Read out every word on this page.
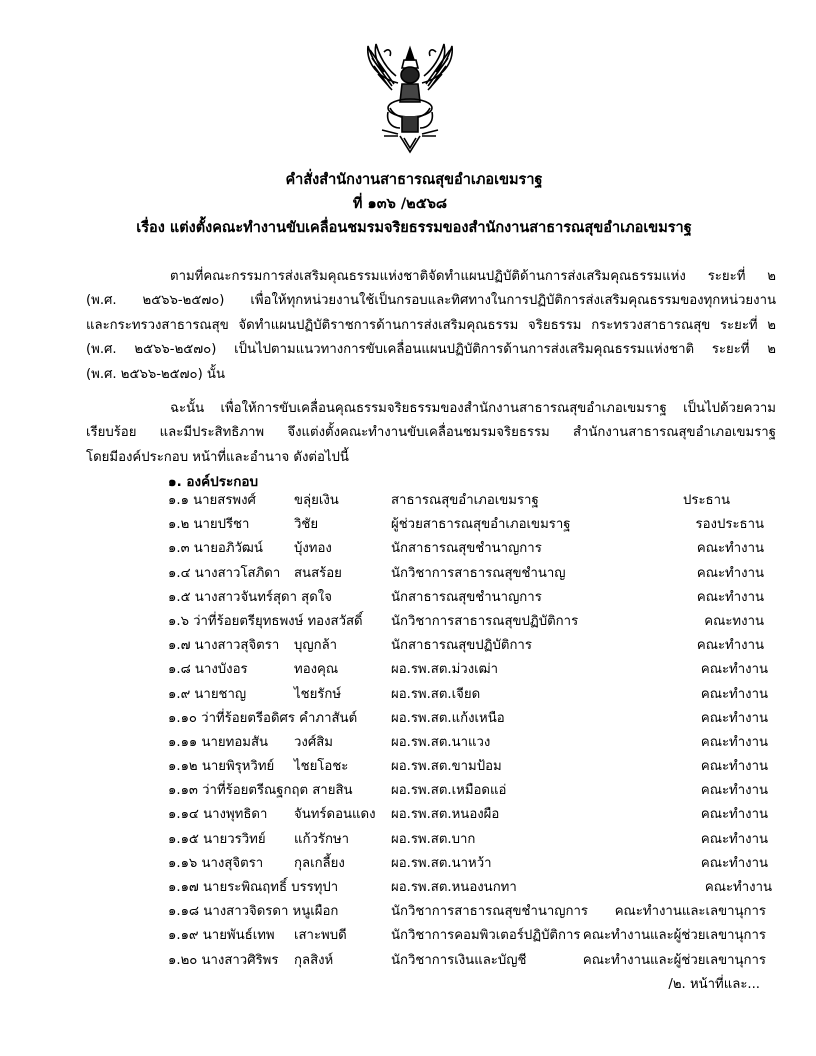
คำสั่งสำนักงานสาธารณสุขอำเภอเขมราฐ
ที่ ๑๓๖ /๒๕๖๘
เรื่อง แต่งตั้งคณะทำงานขับเคลื่อนชมรมจริยธรรมของสำนักงานสาธารณสุขอำเภอเขมราฐ
ตามที่คณะกรรมการส่งเสริมคุณธรรมแห่งชาติจัดทำแผนปฏิบัติด้านการส่งเสริมคุณธรรมแห่ง ระยะที่ ๒
(พ.ศ. ๒๕๖๖-๒๕๗๐) เพื่อให้ทุกหน่วยงานใช้เป็นกรอบและทิศทางในการปฏิบัติการส่งเสริมคุณธรรมของทุกหน่วยงาน
และกระทรวงสาธารณสุข จัดทำแผนปฏิบัติราชการด้านการส่งเสริมคุณธรรม จริยธรรม กระทรวงสาธารณสุข ระยะที่ ๒
(พ.ศ. ๒๕๖๖-๒๕๗๐) เป็นไปตามแนวทางการขับเคลื่อนแผนปฏิบัติการด้านการส่งเสริมคุณธรรมแห่งชาติ ระยะที่ ๒
(พ.ศ. ๒๕๖๖-๒๕๗๐) นั้น
ฉะนั้น เพื่อให้การขับเคลื่อนคุณธรรมจริยธรรมของสำนักงานสาธารณสุขอำเภอเขมราฐ เป็นไปด้วยความ
เรียบร้อย และมีประสิทธิภาพ จึงแต่งตั้งคณะทำงานขับเคลื่อนชมรมจริยธรรม สำนักงานสาธารณสุขอำเภอเขมราฐ
โดยมีองค์ประกอบ หน้าที่และอำนาจ ดังต่อไปนี้
๑. องค์ประกอบ
๑.๑ นายสรพงศ์	ขลุ่ยเงิน	สาธารณสุขอำเภอเขมราฐ	ประธาน
๑.๒ นายปรีชา	วิชัย	ผู้ช่วยสาธารณสุขอำเภอเขมราฐ	รองประธาน
๑.๓ นายอภิวัฒน์ บุ้งทอง	นักสาธารณสุขชำนาญการ	คณะทำงาน
๑.๔ นางสาวโสภิดา สนสร้อย	นักวิชาการสาธารณสุขชำนาญ	คณะทำงาน
๑.๕ นางสาวจันทร์สุดา สุดใจ	นักสาธารณสุขชำนาญการ	คณะทำงาน
๑.๖ ว่าที่ร้อยตรียุทธพงษ์ ทองสวัสดิ์ นักวิชาการสาธารณสุขปฏิบัติการ	คณะทงาน
๑.๗ นางสาวสุจิตรา บุญกล้า	นักสาธารณสุขปฏิบัติการ	คณะทำงาน
๑.๘ นางบังอร	ทองคุณ	ผอ.รพ.สต.ม่วงเฒ่า	คณะทำงาน
๑.๙ นายชาญ	ไชยรักษ์	ผอ.รพ.สต.เจียด	คณะทำงาน
๑.๑๐ ว่าที่ร้อยตรีอดิศร คำภาสันต์	ผอ.รพ.สต.แก้งเหนือ	คณะทำงาน
๑.๑๑ นายทอมสัน วงศ์สิม	ผอ.รพ.สต.นาแวง	คณะทำงาน
๑.๑๒ นายพิรุหวิทย์ ไชยโอชะ	ผอ.รพ.สต.ขามป้อม	คณะทำงาน
๑.๑๓ ว่าที่ร้อยตรีณฐกฤต สายสิน	ผอ.รพ.สต.เหมือดแอ่	คณะทำงาน
๑.๑๔ นางพุทธิดา จันทร์ดอนแดง ผอ.รพ.สต.หนองผือ	คณะทำงาน
๑.๑๕ นายวรวิทย์ แก้วรักษา	ผอ.รพ.สต.บาก	คณะทำงาน
๑.๑๖ นางสุจิตรา กุลเกลี้ยง	ผอ.รพ.สต.นาหว้า	คณะทำงาน
๑.๑๗ นายระพิณฤทธิ์ บรรทุปา	ผอ.รพ.สต.หนองนกทา	คณะทำงาน
๑.๑๘ นางสาวจิดรดา หนูเผือก	นักวิชาการสาธารณสุขชำนาญการ คณะทำงานและเลขานุการ
๑.๑๙ นายพันธ์เทพ เสาะพบดี	นักวิชาการคอมพิวเตอร์ปฏิบัติการ คณะทำงานและผู้ช่วยเลขานุการ
๑.๒๐ นางสาวศิริพร กุลสิงห์	นักวิชาการเงินและบัญชี	คณะทำงานและผู้ช่วยเลขานุการ
/๒. หน้าที่และ...
